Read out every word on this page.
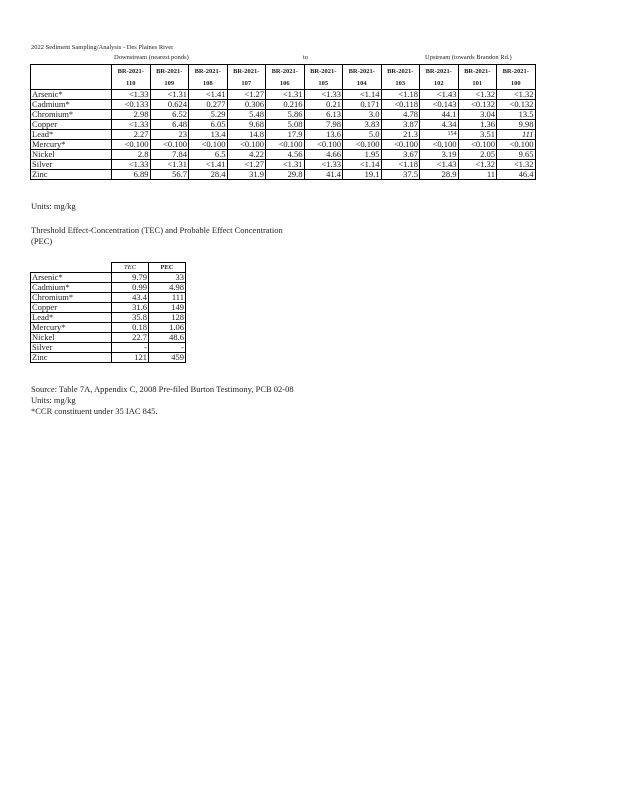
2022 Sediment Sampling/Analysis - Des Plaines River
Downstream (nearest ponds)	to	Upstream (towards Brandon Rd.)
	BR-2021-	BR-2021-	BR-2021-	BR-2021-	BR-2021-	BR-2021-	BR-2021-	BR-2021-	BR-2021-	BR-2021-	BR-2021-
	110	109	108	107	106	105	104	103	102	101	100
Arsenic*	<1.33	<1.31	<1.41	<1.27	<1.31	<1.33	<1.14	<1.18	<1.43	<1.32	<1.32
Cadmium*	<0.133	0.624	0.277	0.306	0.216	0.21	0.171	<0.118	<0.143	<0.132	<0.132
Chromium*	2.98	6.52	5.29	5.48	5.86	6.13	3.0	4.78	44.1	3.04	13.5
Copper	<1.33	6.48	6.05	9.68	5.08	7.98	3.83	3.87	4.34	1.36	9.98
Lead*	2.27	23	13.4	14.8	17.9	13.6	5.0	21.3	154	3.51	111
Mercury*	<0.100	<0.100	<0.100	<0.100	<0.100	<0.100	<0.100	<0.100	<0.100	<0.100	<0.100
Nickel	2.8	7.84	6.5	4.22	4.56	4.66	1.95	3.67	3.19	2.05	9.65
Silver	<1.33	<1.31	<1.41	<1.27	<1.31	<1.33	<1.14	<1.18	<1.43	<1.32	<1.32
Zinc	6.89	56.7	28.4	31.9	29.8	41.4	19.1	37.5	28.9	11	46.4
Units: mg/kg
Threshold Effect-Concentration (TEC) and Probable Effect Concentration (PEC)
	TEC	PEC
Arsenic*	9.79	33
Cadmium*	0.99	4.98
Chromium*	43.4	111
Copper	31.6	149
Lead*	35.8	128
Mercury*	0.18	1.06
Nickel	22.7	48.6
Silver	-	-
Zinc	121	459
Source: Table 7A, Appendix C, 2008 Pre-filed Burton Testimony, PCB 02-08
Units: mg/kg
*CCR constituent under 35 IAC 845.
